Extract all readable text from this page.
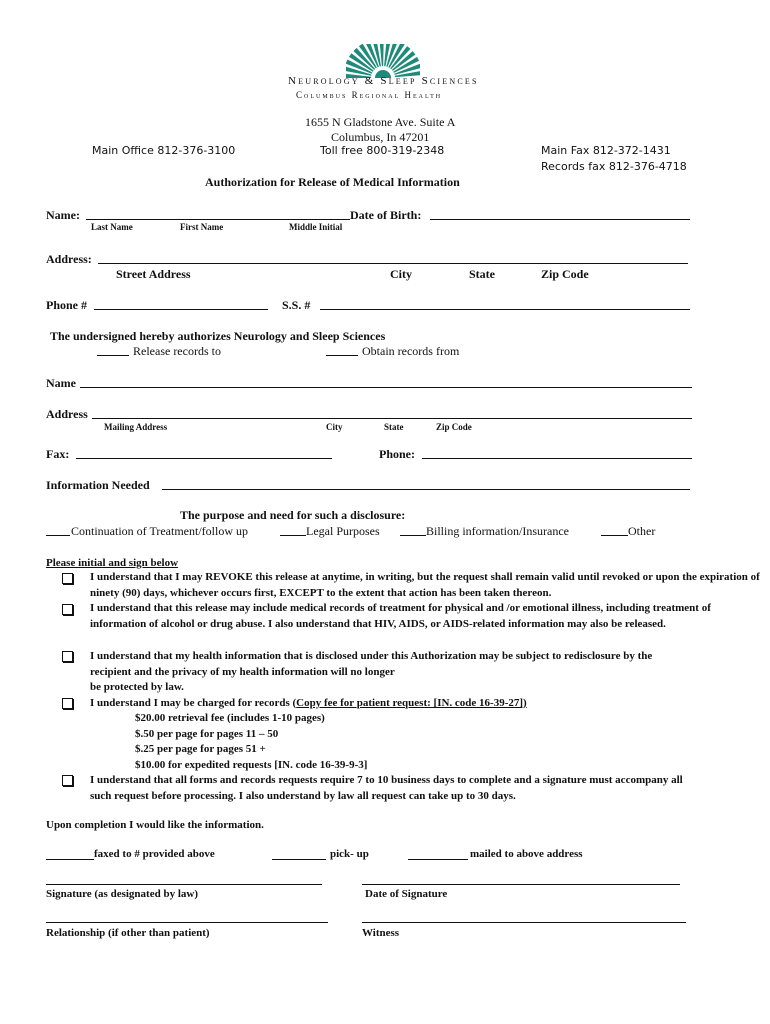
Neurology & Sleep Sciences
Columbus Regional Health
1655 N Gladstone Ave. Suite A
Columbus, In 47201
Main Office 812-376-3100	Toll free 800-319-2348	Main Fax 812-372-1431
Records fax 812-376-4718
Authorization for Release of Medical Information
Name:	Date of Birth:
Last Name	First Name	Middle Initial
Address:
Street Address	City	State	Zip Code
Phone #	S.S. #
The undersigned hereby authorizes Neurology and Sleep Sciences
Release records to	Obtain records from
Name
Address
Mailing Address	City	State	Zip Code
Fax:	Phone:
Information Needed
The purpose and need for such a disclosure:
Continuation of Treatment/follow up	Legal Purposes	Billing information/Insurance	Other
Please initial and sign below
I understand that I may REVOKE this release at anytime, in writing, but the request shall remain valid until revoked or upon the expiration of ninety (90) days, whichever occurs first, EXCEPT to the extent that action has been taken thereon.
I understand that this release may include medical records of treatment for physical and /or emotional illness, including treatment of information of alcohol or drug abuse. I also understand that HIV, AIDS, or AIDS-related information may also be released.
I understand that my health information that is disclosed under this Authorization may be subject to redisclosure by the
recipient and the privacy of my health information will no longer
be protected by law.
I understand I may be charged for records (Copy fee for patient request: [IN. code 16-39-27])
$20.00 retrieval fee (includes 1-10 pages)
$.50 per page for pages 11 – 50
$.25 per page for pages 51 +
$10.00 for expedited requests [IN. code 16-39-9-3]
I understand that all forms and records requests require 7 to 10 business days to complete and a signature must accompany all
such request before processing. I also understand by law all request can take up to 30 days.
Upon completion I would like the information.
faxed to # provided above	pick- up	mailed to above address
Signature (as designated by law)	Date of Signature
Relationship (if other than patient)	Witness
